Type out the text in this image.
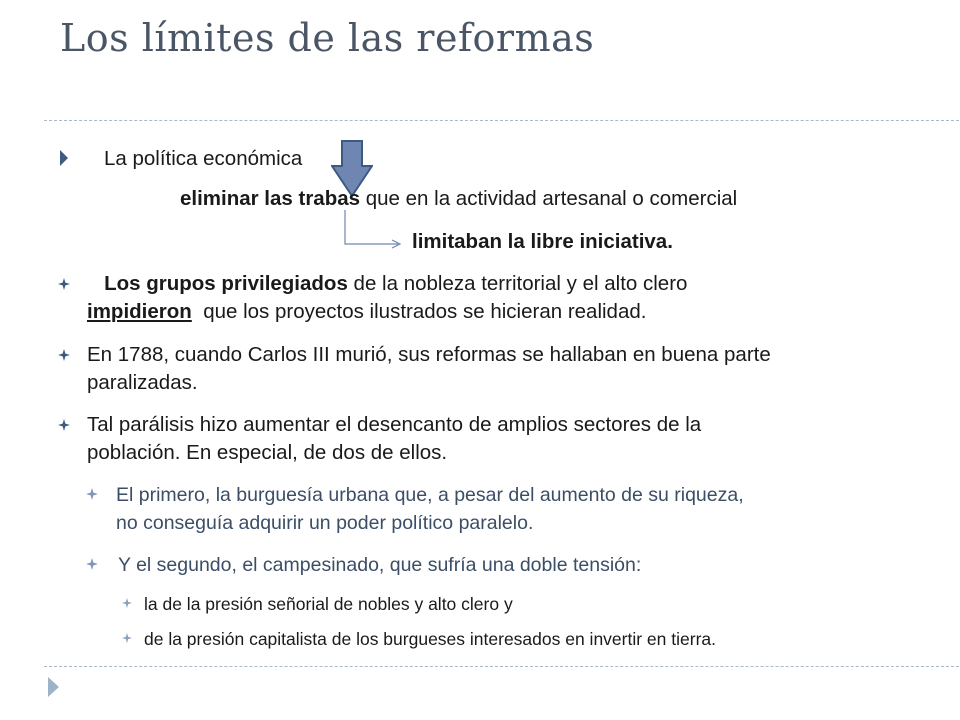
Los límites de las reformas
La política económica
eliminar las trabas que en la actividad artesanal o comercial
limitaban la libre iniciativa.
Los grupos privilegiados de la nobleza territorial y el alto clero
impidieron  que los proyectos ilustrados se hicieran realidad.
En 1788, cuando Carlos III murió, sus reformas se hallaban en buena parte
paralizadas.
Tal parálisis hizo aumentar el desencanto de amplios sectores de la
población. En especial, de dos de ellos.
El primero, la burguesía urbana que, a pesar del aumento de su riqueza,
no conseguía adquirir un poder político paralelo.
Y el segundo, el campesinado, que sufría una doble tensión:
la de la presión señorial de nobles y alto clero y
de la presión capitalista de los burgueses interesados en invertir en tierra.
